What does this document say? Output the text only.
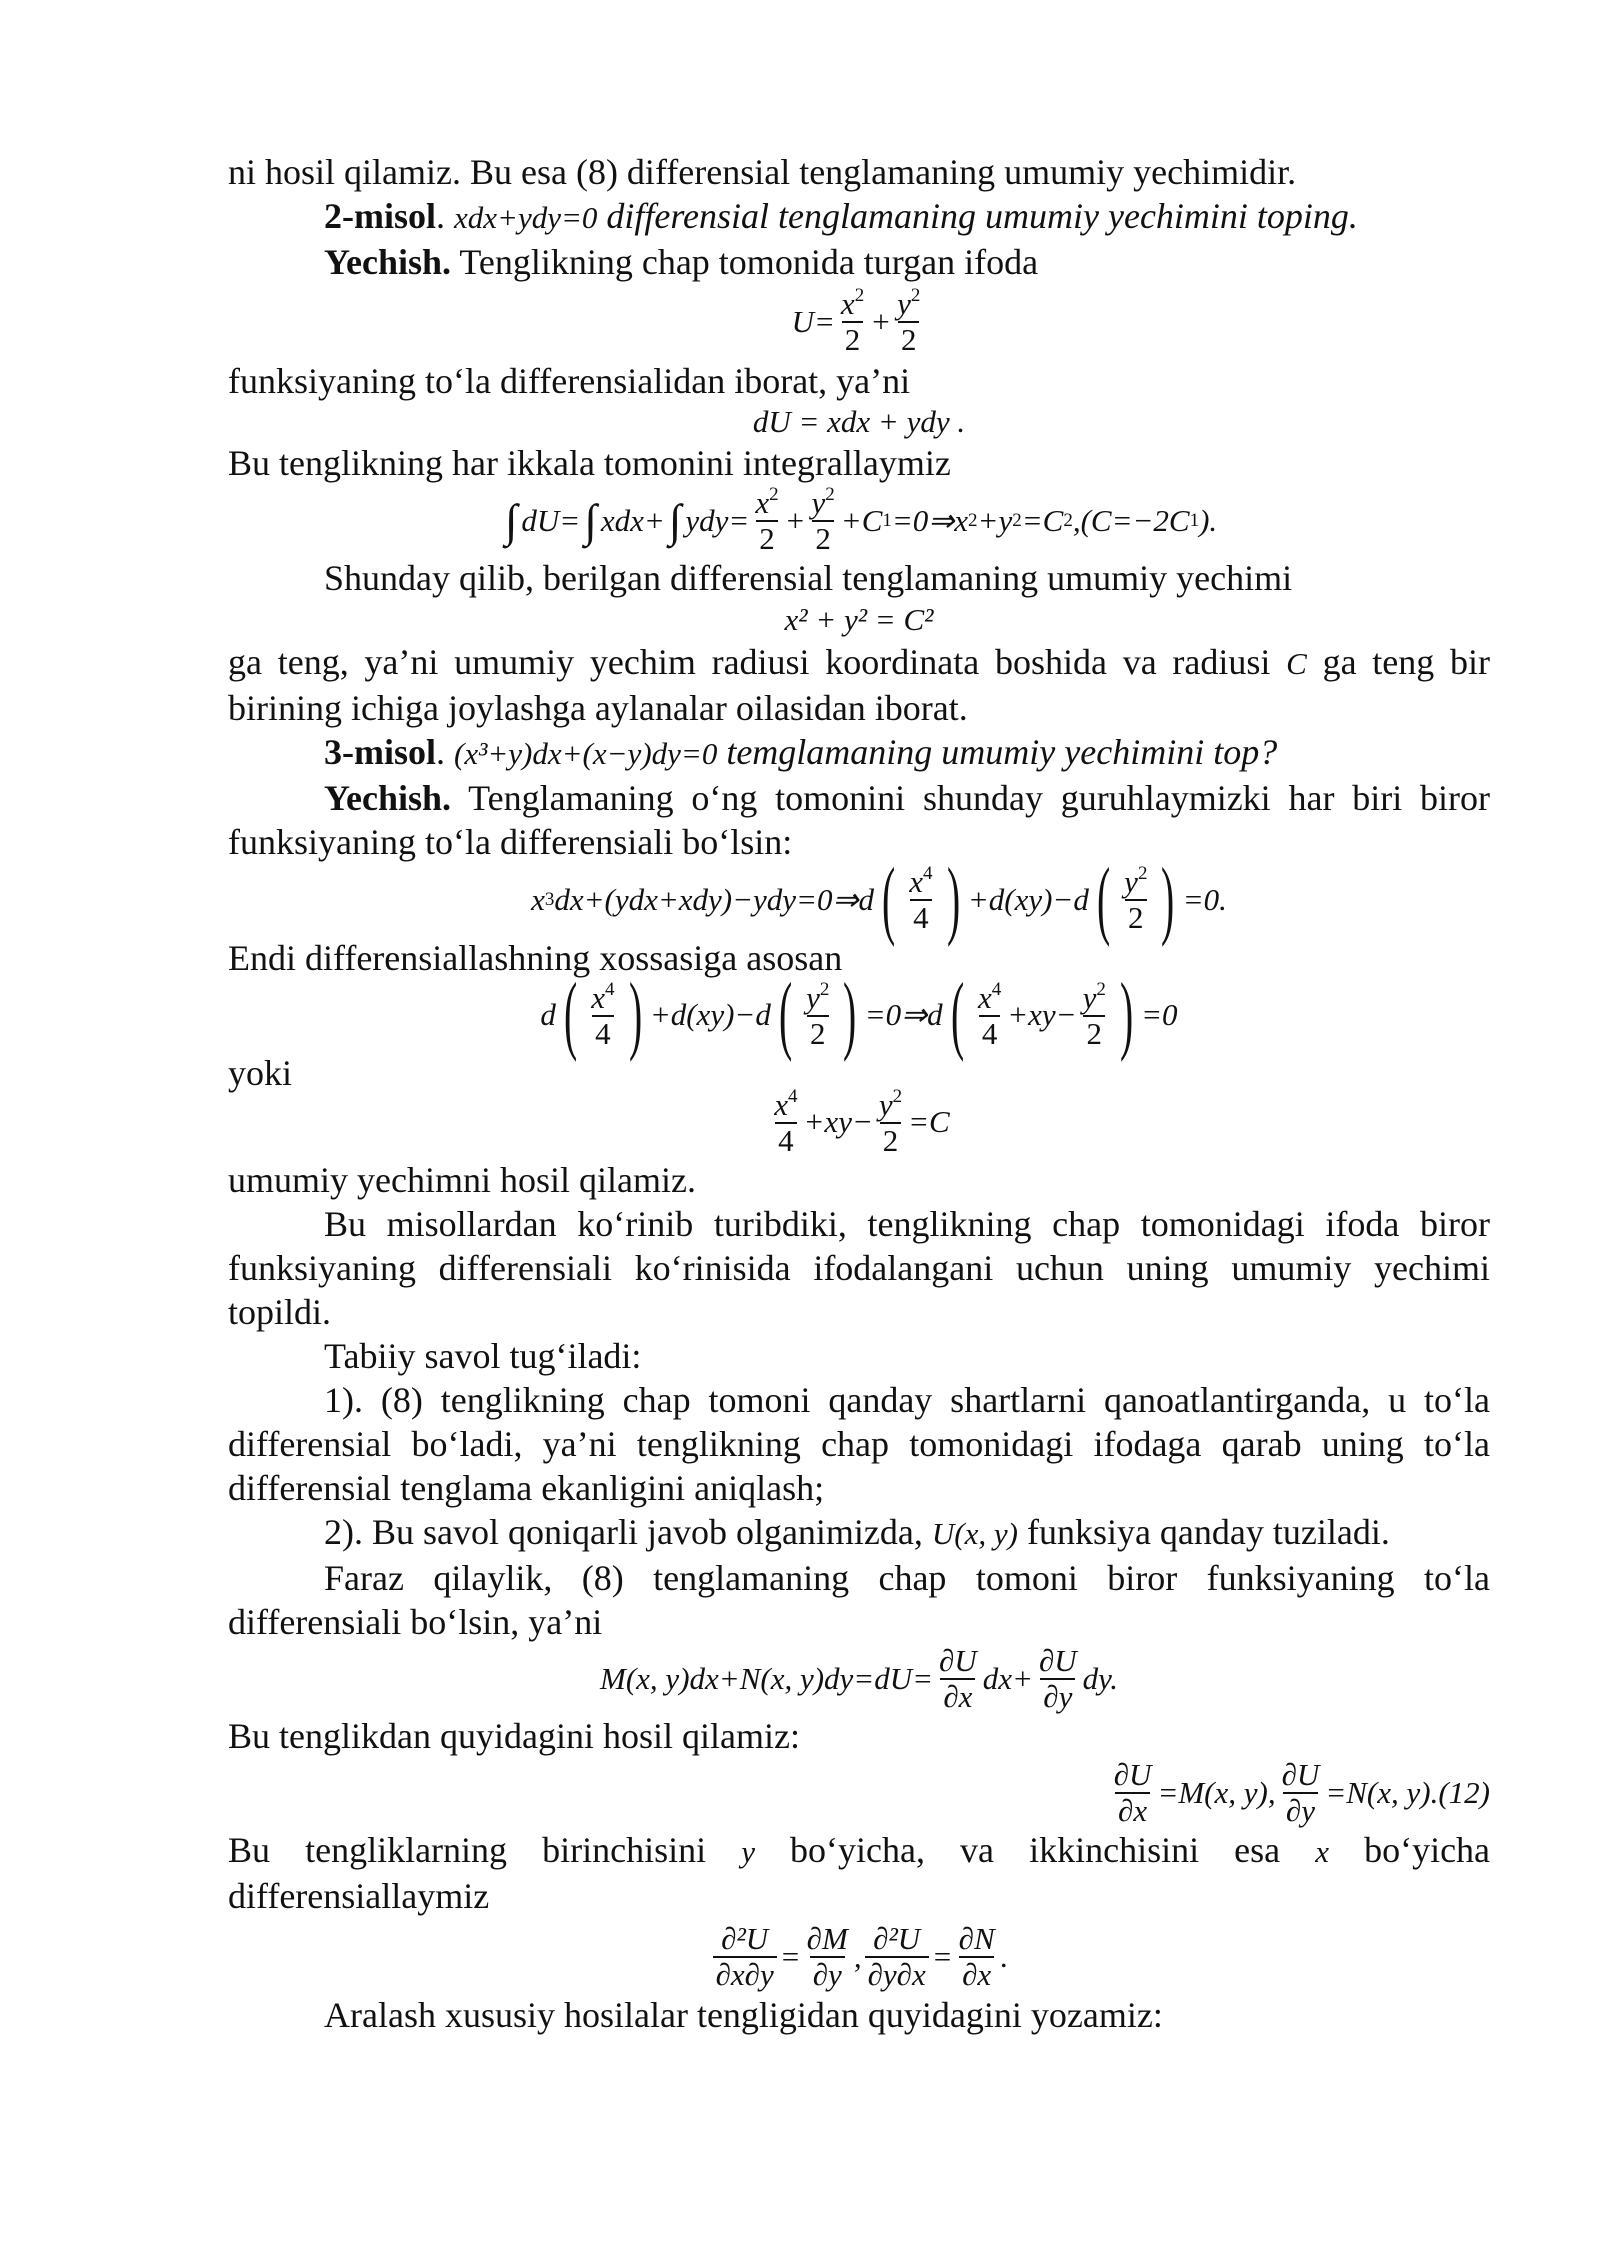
ni hosil qilamiz. Bu esa (8) differensial tenglamaning umumiy yechimidir.

2-misol. xdx+ydy=0 differensial tenglamaning umumiy yechimini toping.

Yechish. Tenglikning chap tomonida turgan ifoda

$U= \frac{x^2}{2} + \frac{y^2}{2}$

funksiyaning to‘la differensialidan iborat, ya’ni

dU = xdx + ydy .

Bu tenglikning har ikkala tomonini integrallaymiz

∫ dU= ∫ xdx+ ∫ $ydy= \frac{x^2}{2} + \frac{y^2}{2} +C$ 1 =0⇒x 2 +y 2 =C 2 ,(C=−2C 1 ).

Shunday qilib, berilgan differensial tenglamaning umumiy yechimi

x² + y² = C²

ga teng, ya’ni umumiy yechim radiusi koordinata boshida va radiusi C ga teng bir birining ichiga joylashga aylanalar oilasidan iborat.

3-misol. (x³+y)dx+(x−y)dy=0 temglamaning umumiy yechimini top?

Yechish. Tenglamaning o‘ng tomonini shunday guruhlaymizki har biri biror funksiyaning to‘la differensiali bo‘lsin:

x 3 dx+(ydx+xdy)−ydy=0⇒d ( $\frac{x^4}{4}$ ) +d(xy)−d ( $\frac{y^2}{2}$ ) =0.

Endi differensiallashning xossasiga asosan

d ( $\frac{x^4}{4}$ ) +d(xy)−d ( $\frac{y^2}{2}$ ) =0⇒d ( $\frac{x^4}{4} +xy- \frac{y^2}{2}$ ) =0

yoki

$\frac{x^4}{4} +xy- \frac{y^2}{2} =C$

umumiy yechimni hosil qilamiz.

Bu misollardan ko‘rinib turibdiki, tenglikning chap tomonidagi ifoda biror funksiyaning differensiali ko‘rinisida ifodalangani uchun uning umumiy yechimi topildi.

Tabiiy savol tug‘iladi:

1). (8) tenglikning chap tomoni qanday shartlarni qanoatlantirganda, u to‘la differensial bo‘ladi, ya’ni tenglikning chap tomonidagi ifodaga qarab uning to‘la differensial tenglama ekanligini aniqlash;

2). Bu savol qoniqarli javob olganimizda, U(x, y) funksiya qanday tuziladi.

Faraz qilaylik, (8) tenglamaning chap tomoni biror funksiyaning to‘la differensiali bo‘lsin, ya’ni

M(x, y)dx+N(x, $y)dy=dU= \frac{\partial U}{\partial x} dx+ \frac{\partial U}{\partial y}$ dy.

Bu tenglikdan quyidagini hosil qilamiz:

$\frac{\partial U}{\partial x} =M(x$, y), $\frac{\partial U}{\partial y} =N(x$, y).(12)

Bu tengliklarning birinchisini y bo‘yicha, va ikkinchisini esa x bo‘yicha differensiallaymiz

$\frac{\text{∂²U}}{\partial x\partial y} = \frac{\partial M}{\partial y}$ , $\frac{\text{∂²U}}{\partial y\partial x} = \frac{\partial N}{\partial x}$ .

Aralash xususiy hosilalar tengligidan quyidagini yozamiz:
